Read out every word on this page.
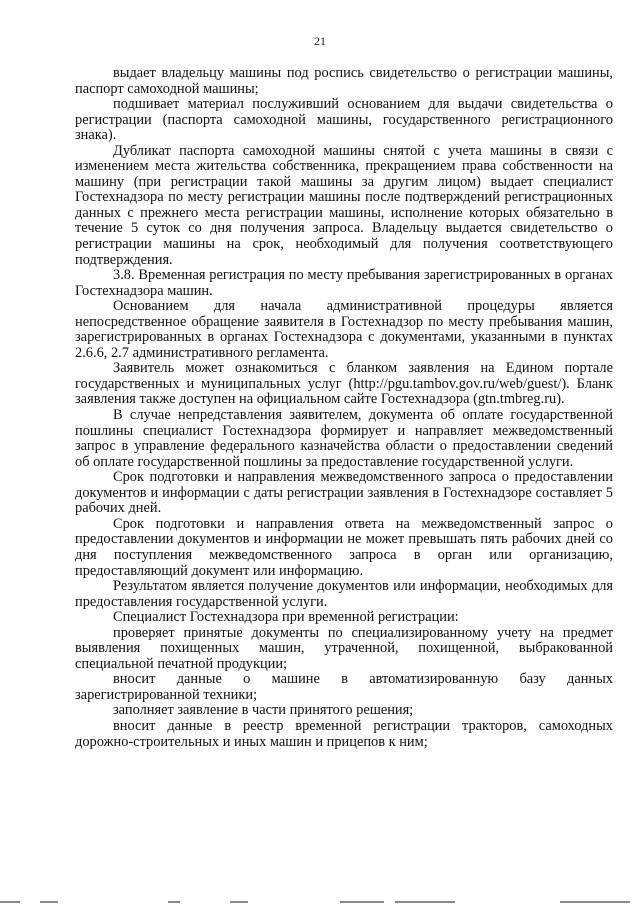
21

выдает владельцу машины под роспись свидетельство о регистрации машины, паспорт самоходной машины;

подшивает материал послуживший основанием для выдачи свидетельства о регистрации (паспорта самоходной машины, государственного регистрационного знака).

Дубликат паспорта самоходной машины снятой с учета машины в связи с изменением места жительства собственника, прекращением права собственности на машину (при регистрации такой машины за другим лицом) выдает специалист Гостехнадзора по месту регистрации машины после подтверждений регистрационных данных с прежнего места регистрации машины, исполнение которых обязательно в течение 5 суток со дня получения запроса. Владельцу выдается свидетельство о регистрации машины на срок, необходимый для получения соответствующего подтверждения.

3.8. Временная регистрация по месту пребывания зарегистрированных в органах Гостехнадзора машин.

Основанием для начала административной процедуры является непосредственное обращение заявителя в Гостехнадзор по месту пребывания машин, зарегистрированных в органах Гостехнадзора с документами, указанными в пунктах 2.6.6, 2.7 административного регламента.

Заявитель может ознакомиться с бланком заявления на Едином портале государственных и муниципальных услуг (http://pgu.tambov.gov.ru/web/guest/). Бланк заявления также доступен на официальном сайте Гостехнадзора (gtn.tmbreg.ru).

В случае непредставления заявителем, документа об оплате государственной пошлины специалист Гостехнадзора формирует и направляет межведомственный запрос в управление федерального казначейства области о предоставлении сведений об оплате государственной пошлины за предоставление государственной услуги.

Срок подготовки и направления межведомственного запроса о предоставлении документов и информации с даты регистрации заявления в Гостехнадзоре составляет 5 рабочих дней.

Срок подготовки и направления ответа на межведомственный запрос о предоставлении документов и информации не может превышать пять рабочих дней со дня поступления межведомственного запроса в орган или организацию, предоставляющий документ или информацию.

Результатом является получение документов или информации, необходимых для предоставления государственной услуги.

Специалист Гостехнадзора при временной регистрации:

проверяет принятые документы по специализированному учету на предмет выявления похищенных машин, утраченной, похищенной, выбракованной специальной печатной продукции;

вносит данные о машине в автоматизированную базу данных зарегистрированной техники;

заполняет заявление в части принятого решения;

вносит данные в реестр временной регистрации тракторов, самоходных дорожно-строительных и иных машин и прицепов к ним;
